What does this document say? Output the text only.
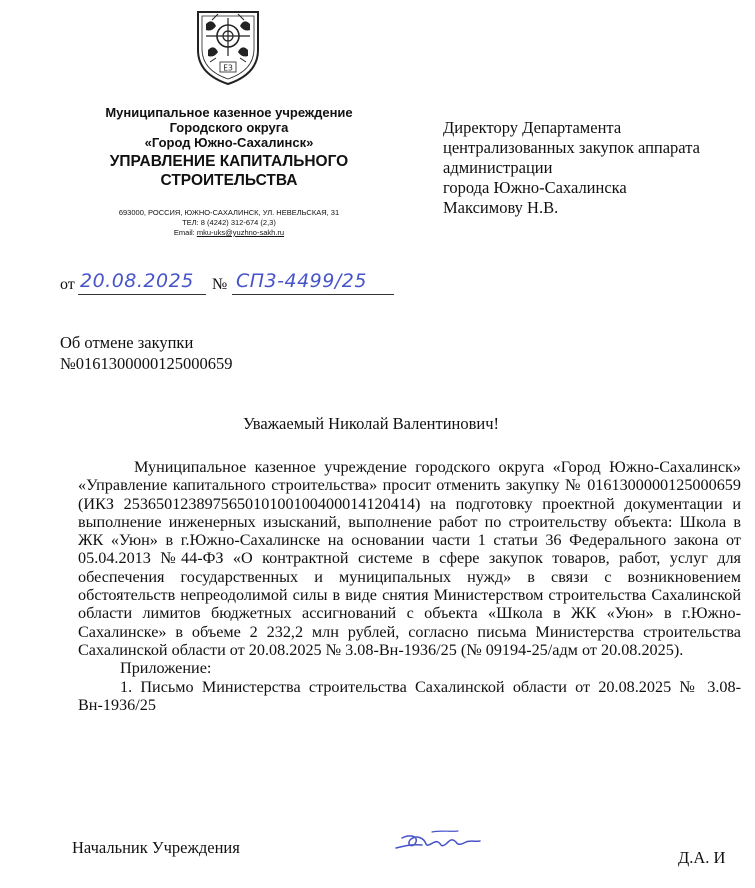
ЕЗ
Муниципальное казенное учреждение
Городского округа
«Город Южно-Сахалинск»
УПРАВЛЕНИЕ КАПИТАЛЬНОГО
СТРОИТЕЛЬСТВА
693000, РОССИЯ, ЮЖНО-САХАЛИНСК, УЛ. НЕВЕЛЬСКАЯ, 31
ТЕЛ: 8 (4242) 312-674 (2,3)
Email: mku-uks@yuzhno-sakh.ru
Директору Департамента
централизованных закупок аппарата
администрации
города Южно-Сахалинска
Максимову Н.В.
от 20.08.2025 № СП3-4499/25
Об отмене закупки
№0161300000125000659
Уважаемый Николай Валентинович!

Муниципальное казенное учреждение городского округа «Город Южно-Сахалинск» «Управление капитального строительства» просит отменить закупку № 0161300000125000659 (ИКЗ 253650123897565010100100400014120414) на подготовку проектной документации и выполнение инженерных изысканий, выполнение работ по строительству объекта: Школа в ЖК «Уюн» в г.Южно-Сахалинске на основании части 1 статьи 36 Федерального закона от 05.04.2013 №44-ФЗ «О контрактной системе в сфере закупок товаров, работ, услуг для обеспечения государственных и муниципальных нужд» в связи с возникновением обстоятельств непреодолимой силы в виде снятия Министерством строительства Сахалинской области лимитов бюджетных ассигнований с объекта «Школа в ЖК «Уюн» в г.Южно-Сахалинске» в объеме 2 232,2 млн рублей, согласно письма Министерства строительства Сахалинской области от 20.08.2025 № 3.08-Вн-1936/25 (№ 09194-25/адм от 20.08.2025).

Приложение:

1. Письмо Министерства строительства Сахалинской области от 20.08.2025 № 3.08-Вн-1936/25

Начальник Учреждения
Д.А. И
